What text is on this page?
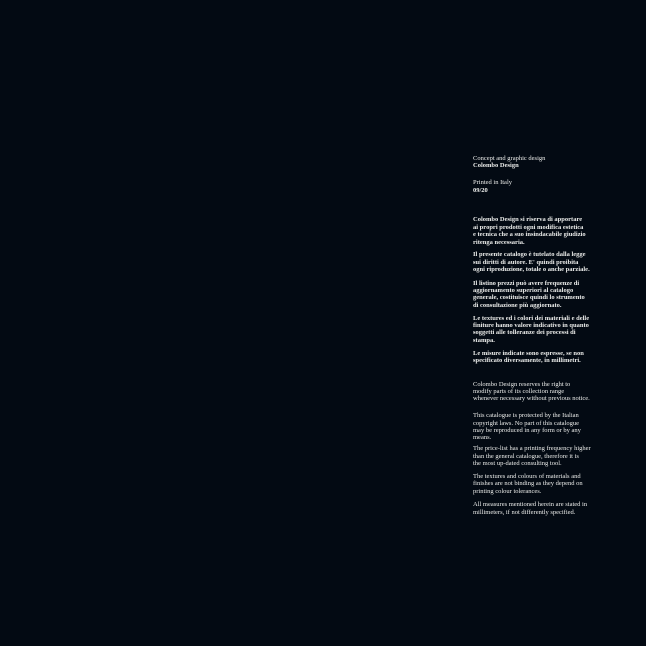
Concept and graphic design
Colombo Design
Printed in Italy
09/20
Colombo Design si riserva di apportare
ai propri prodotti ogni modifica estetica
e tecnica che a suo insindacabile giudizio
ritenga necessaria.
Il presente catalogo è tutelato dalla legge
sui diritti di autore. E' quindi proibita
ogni riproduzione, totale o anche parziale.
Il listino prezzi può avere frequenze di
aggiornamento superiori al catalogo
generale, costituisce quindi lo strumento
di consultazione più aggiornato.
Le textures ed i colori dei materiali e delle
finiture hanno valore indicativo in quanto
soggetti alle tolleranze dei processi di
stampa.
Le misure indicate sono espresse, se non
specificato diversamente, in millimetri.
Colombo Design reserves the right to
modify parts of its collection range
whenever necessary without previous notice.
This catalogue is protected by the Italian
copyright laws. No part of this catalogue
may be reproduced in any form or by any
means.
The price-list has a printing frequency higher
than the general catalogue, therefore it is
the most up-dated consulting tool.
The textures and colours of materials and
finishes are not binding as they depend on
printing colour tolerances.
All measures mentioned herein are stated in
millimeters, if not differently specified.
